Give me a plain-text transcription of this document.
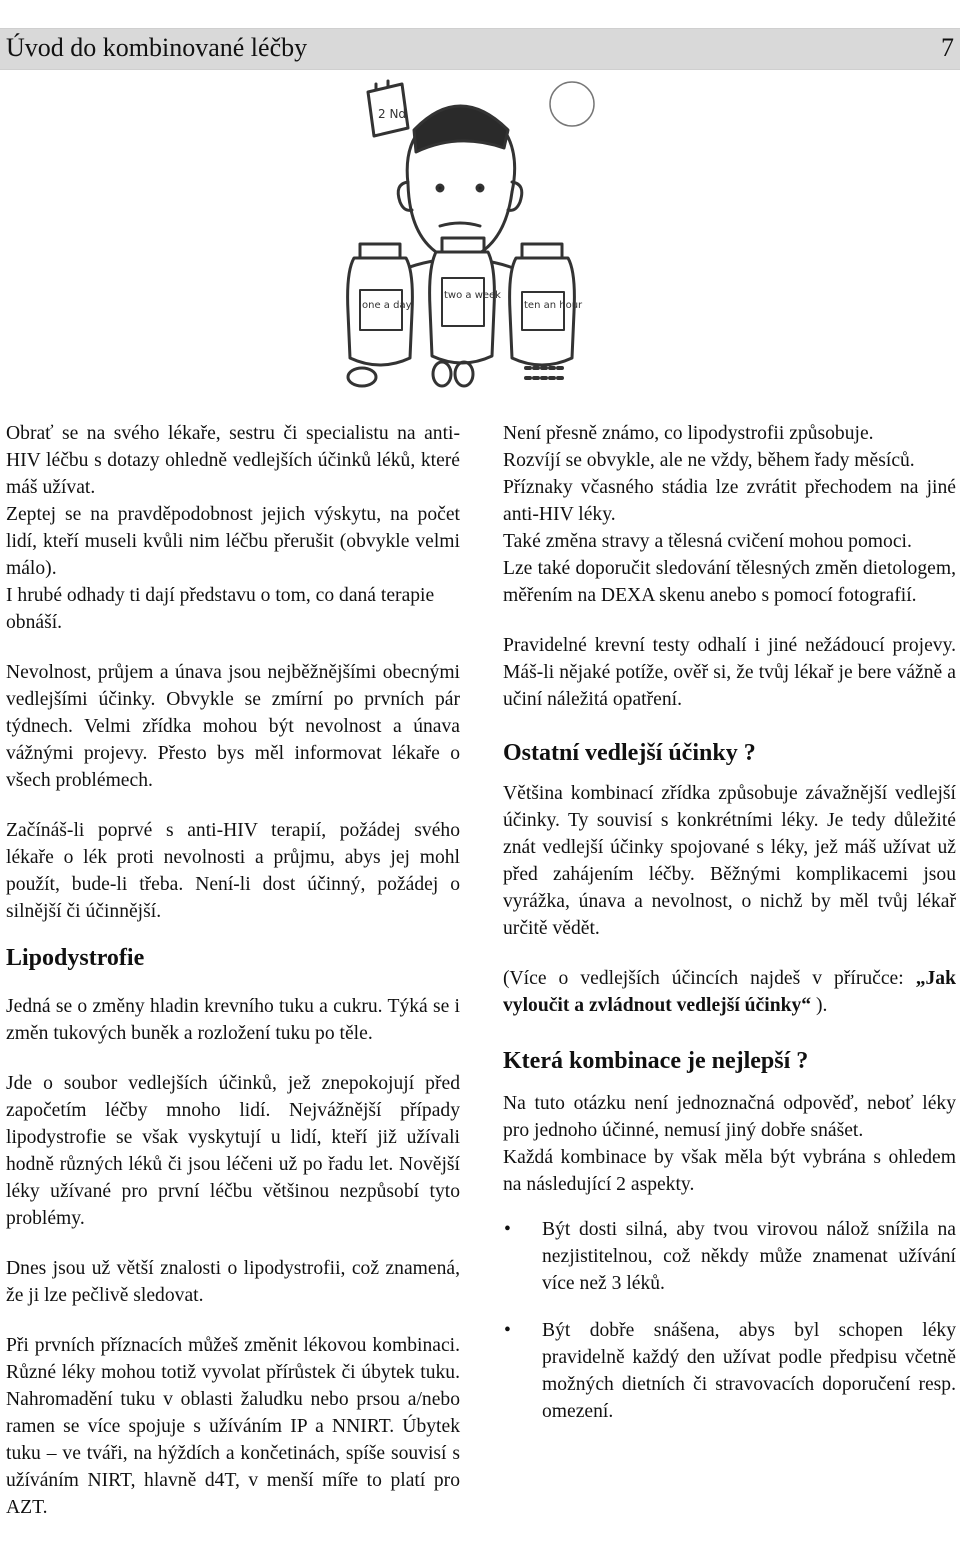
Úvod do kombinované léčby	7
2 Nd
one a day
two a week
ten an hour

Obrať se na svého lékaře, sestru či specialistu na anti-HIV léčbu s dotazy ohledně vedlejších účinků léků, které máš užívat.

Zeptej se na pravděpodobnost jejich výskytu, na počet lidí, kteří museli kvůli nim léčbu přerušit (obvykle velmi málo).

I hrubé odhady ti dají představu o tom, co daná terapie obnáší.

Nevolnost, průjem a únava jsou nejběžnějšími obecnými vedlejšími účinky. Obvykle se zmírní po prvních pár týdnech. Velmi zřídka mohou být nevolnost a únava vážnými projevy. Přesto bys měl informovat lékaře o všech problémech.

Začínáš-li poprvé s anti-HIV terapií, požádej svého lékaře o lék proti nevolnosti a průjmu, abys jej mohl použít, bude-li třeba. Není-li dost účinný, požádej o silnější či účinnější.

Lipodystrofie

Jedná se o změny hladin krevního tuku a cukru. Týká se i změn tukových buněk a rozložení tuku po těle.

Jde o soubor vedlejších účinků, jež znepokojují před započetím léčby mnoho lidí. Nejvážnější případy lipodystrofie se však vyskytují u lidí, kteří již užívali hodně různých léků či jsou léčeni už po řadu let. Novější léky užívané pro první léčbu většinou nezpůsobí tyto problémy.

Dnes jsou už větší znalosti o lipodystrofii, což znamená, že ji lze pečlivě sledovat.

Při prvních příznacích můžeš změnit lékovou kombinaci. Různé léky mohou totiž vyvolat přírůstek či úbytek tuku. Nahromadění tuku v oblasti žaludku nebo prsou a/nebo ramen se více spojuje s užíváním IP a NNIRT. Úbytek tuku – ve tváři, na hýždích a končetinách, spíše souvisí s užíváním NIRT, hlavně d4T, v menší míře to platí pro AZT.

Není přesně známo, co lipodystrofii způsobuje.

Rozvíjí se obvykle, ale ne vždy, během řady měsíců.

Příznaky včasného stádia lze zvrátit přechodem na jiné anti-HIV léky.

Také změna stravy a tělesná cvičení mohou pomoci.

Lze také doporučit sledování tělesných změn dietologem, měřením na DEXA skenu anebo s pomocí fotografií.

Pravidelné krevní testy odhalí i jiné nežádoucí projevy. Máš-li nějaké potíže, ověř si, že tvůj lékař je bere vážně a učiní náležitá opatření.

Ostatní vedlejší účinky ?

Většina kombinací zřídka způsobuje závažnější vedlejší účinky. Ty souvisí s konkrétními léky. Je tedy důležité znát vedlejší účinky spojované s léky, jež máš užívat už před zahájením léčby. Běžnými komplikacemi jsou vyrážka, únava a nevolnost, o nichž by měl tvůj lékař určitě vědět.

(Více o vedlejších účincích najdeš v příručce: „Jak vyloučit a zvládnout vedlejší účinky“ ).

Která kombinace je nejlepší ?

Na tuto otázku není jednoznačná odpověď, neboť léky pro jednoho účinné, nemusí jiný dobře snášet.

Každá kombinace by však měla být vybrána s ohledem na následující 2 aspekty.

• Být dosti silná, aby tvou virovou nálož snížila na nezjistitelnou, což někdy může znamenat užívání více než 3 léků.
• Být dobře snášena, abys byl schopen léky pravidelně každý den užívat podle předpisu včetně možných dietních či stravovacích doporučení resp. omezení.
